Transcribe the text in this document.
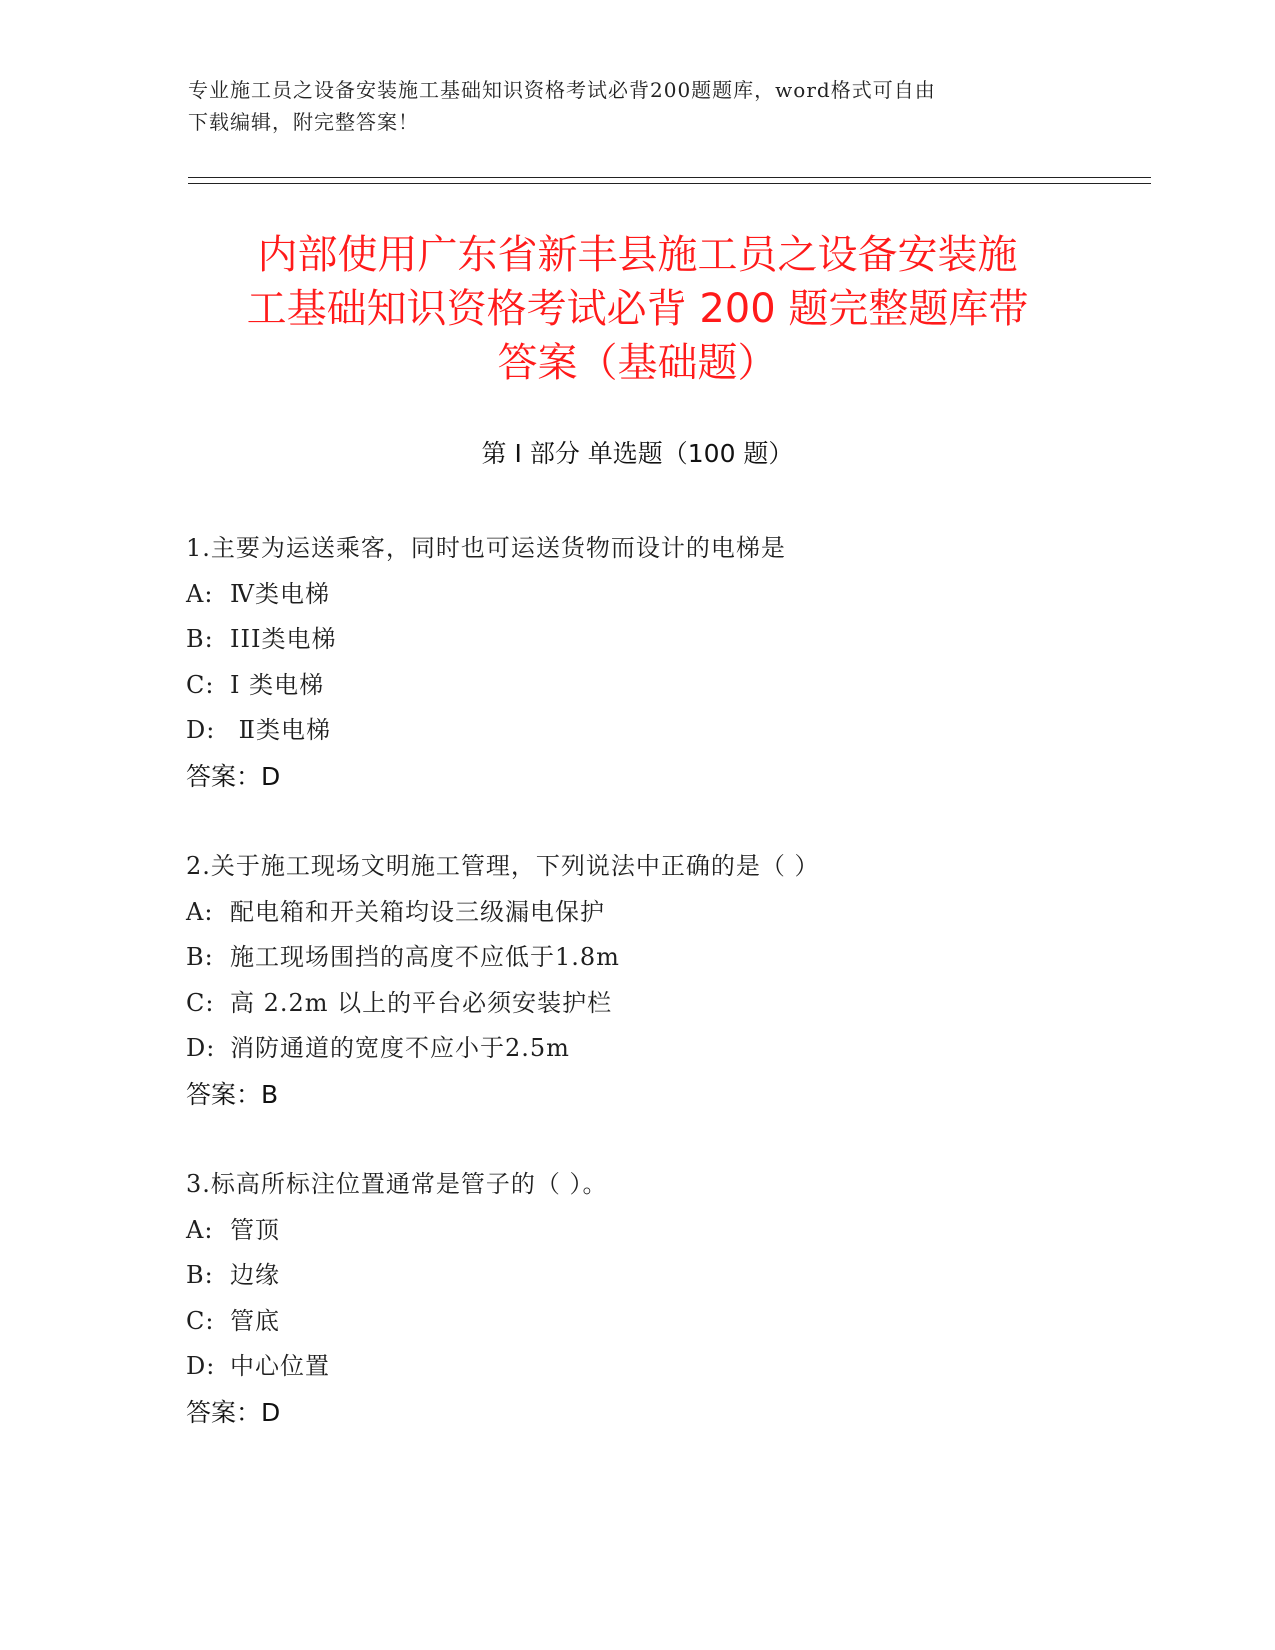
专业施工员之设备安装施工基础知识资格考试必背200题题库，word格式可自由
下载编辑，附完整答案！
内部使用广东省新丰县施工员之设备安装施
工基础知识资格考试必背 200 题完整题库带
答案（基础题）
第 I 部分 单选题（100 题）
1.主要为运送乘客，同时也可运送货物而设计的电梯是
A: Ⅳ类电梯
B: III类电梯
C: I 类电梯
D: Ⅱ类电梯
答案：D
2.关于施工现场文明施工管理，下列说法中正确的是（ ）
A: 配电箱和开关箱均设三级漏电保护
B: 施工现场围挡的高度不应低于1.8m
C: 高 2.2m 以上的平台必须安装护栏
D: 消防通道的宽度不应小于2.5m
答案：B
3.标高所标注位置通常是管子的（ ）。
A: 管顶
B: 边缘
C: 管底
D: 中心位置
答案：D
